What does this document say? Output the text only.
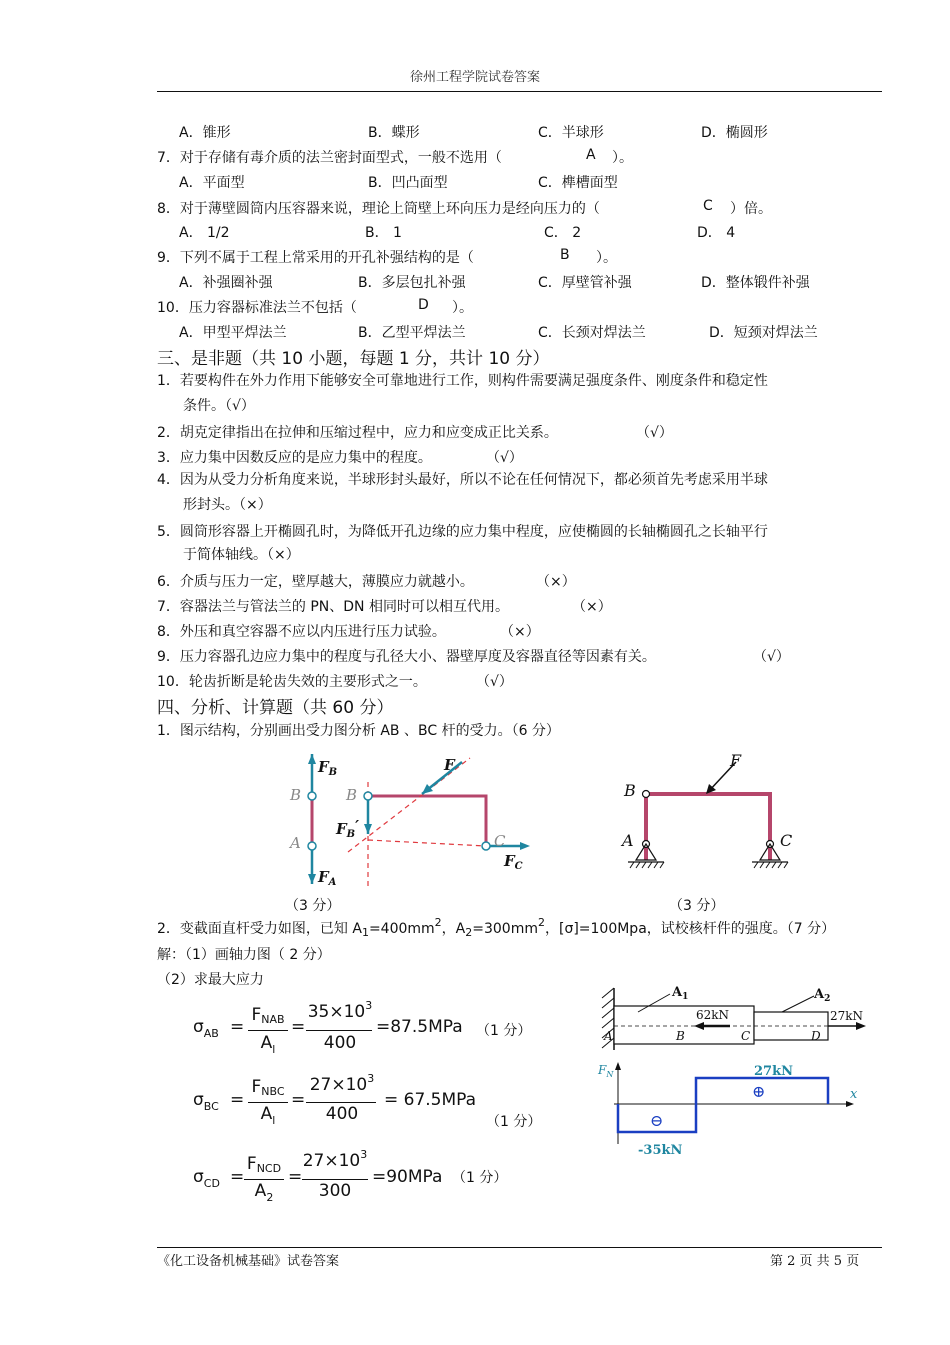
徐州工程学院试卷答案
A．锥形	B．蝶形	C．半球形	D．椭圆形
7．对于存储有毒介质的法兰密封面型式，一般不选用（	A ）。
A．平面型	B．凹凸面型	C．榫槽面型
8．对于薄壁圆筒内压容器来说，理论上筒壁上环向压力是经向压力的（	C ）倍。
A． 1/2	B． 1	C． 2	D． 4
9．下列不属于工程上常采用的开孔补强结构的是（	B ）。
A．补强圈补强	B．多层包扎补强	C．厚壁管补强	D．整体锻件补强
10．压力容器标准法兰不包括（	D ）。
A．甲型平焊法兰	B．乙型平焊法兰	C．长颈对焊法兰	D．短颈对焊法兰
三、是非题（共 10 小题，每题 1 分，共计 10 分）
1．若要构件在外力作用下能够安全可靠地进行工作，则构件需要满足强度条件、刚度条件和稳定性
条件。（√）
2．胡克定律指出在拉伸和压缩过程中，应力和应变成正比关系。	（√）
3．应力集中因数反应的是应力集中的程度。	（√）
4．因为从受力分析角度来说，半球形封头最好，所以不论在任何情况下，都必须首先考虑采用半球
形封头。（×）
5．圆筒形容器上开椭圆孔时，为降低开孔边缘的应力集中程度，应使椭圆的长轴椭圆孔之长轴平行
于简体轴线。（×）
6．介质与压力一定，壁厚越大，薄膜应力就越小。	（×）
7．容器法兰与管法兰的 PN、DN 相同时可以相互代用。	（×）
8．外压和真空容器不应以内压进行压力试验。	（×）
9．压力容器孔边应力集中的程度与孔径大小、器壁厚度及容器直径等因素有关。	（√）
10．轮齿折断是轮齿失效的主要形式之一。	（√）
四、分析、计算题（共 60 分）
1．图示结构，分别画出受力图分析 AB 、BC 杆的受力。（6 分）
$F_B$
B
A
$F_A$
F
B
$F_B'$
C
$F_C$
F
B
A	C
（3 分）	（3 分）
2．变截面直杆受力如图，已知 $A_1=400mm^2$，$A_2=300mm^2$，[σ]=100Mpa，试校核杆件的强度。（7 分）
解：（1）画轴力图（ 2 分）
（2）求最大应力
$\sigma_{AB}$ =
FNAB
$A_l$
=
$35\times 10^3$
400
=87.5MPa （1 分）
$\sigma_{BC}$ =
FNBC
$A_l$
=
$27\times 10^3$
400
= 67.5MPa
（1 分）
$\sigma_{CD}$ =
FNCD
$A_2$
=
$27\times 10^3$
300
=90MPa （1 分）
$A_1$	$A_2$
62kN	27kN
A	B	C	D
$F_N$
x
27kN
⊕
⊖
-35kN
《化工设备机械基础》试卷答案	第 2 页 共 5 页
